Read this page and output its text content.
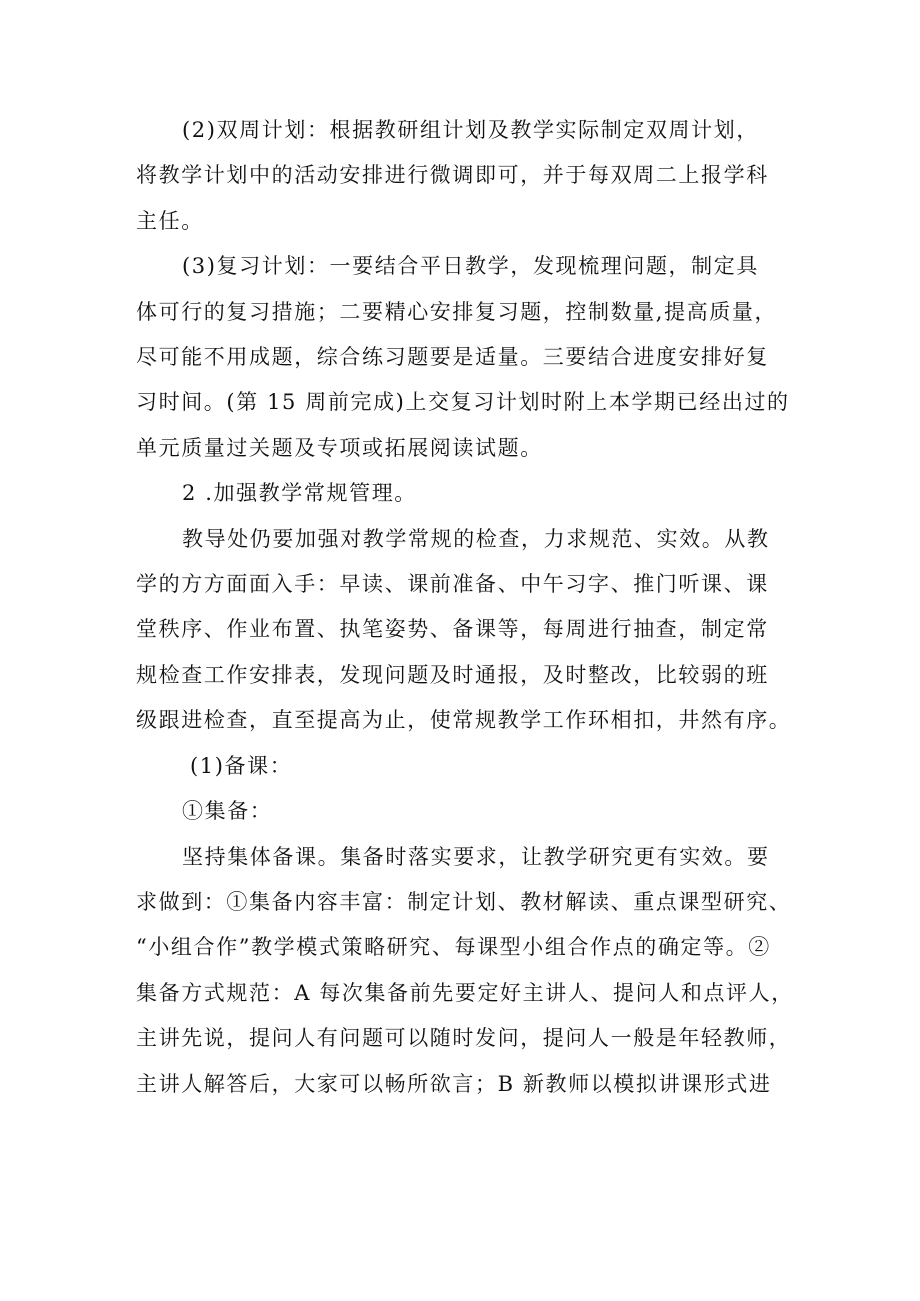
(2)双周计划：根据教研组计划及教学实际制定双周计划，
将教学计划中的活动安排进行微调即可，并于每双周二上报学科
主任。

(3)复习计划：一要结合平日教学，发现梳理问题，制定具
体可行的复习措施；二要精心安排复习题，控制数量,提高质量，
尽可能不用成题，综合练习题要是适量。三要结合进度安排好复
习时间。(第 15 周前完成)上交复习计划时附上本学期已经出过的
单元质量过关题及专项或拓展阅读试题。

2 .加强教学常规管理。

教导处仍要加强对教学常规的检查，力求规范、实效。从教
学的方方面面入手：早读、课前准备、中午习字、推门听课、课
堂秩序、作业布置、执笔姿势、备课等，每周进行抽查，制定常
规检查工作安排表，发现问题及时通报，及时整改，比较弱的班
级跟进检查，直至提高为止，使常规教学工作环相扣，井然有序。

(1)备课：

①集备：

坚持集体备课。集备时落实要求，让教学研究更有实效。要
求做到：①集备内容丰富：制定计划、教材解读、重点课型研究、
“小组合作”教学模式策略研究、每课型小组合作点的确定等。②
集备方式规范：A 每次集备前先要定好主讲人、提问人和点评人，
主讲先说，提问人有问题可以随时发问，提问人一般是年轻教师，
主讲人解答后，大家可以畅所欲言；B 新教师以模拟讲课形式进
